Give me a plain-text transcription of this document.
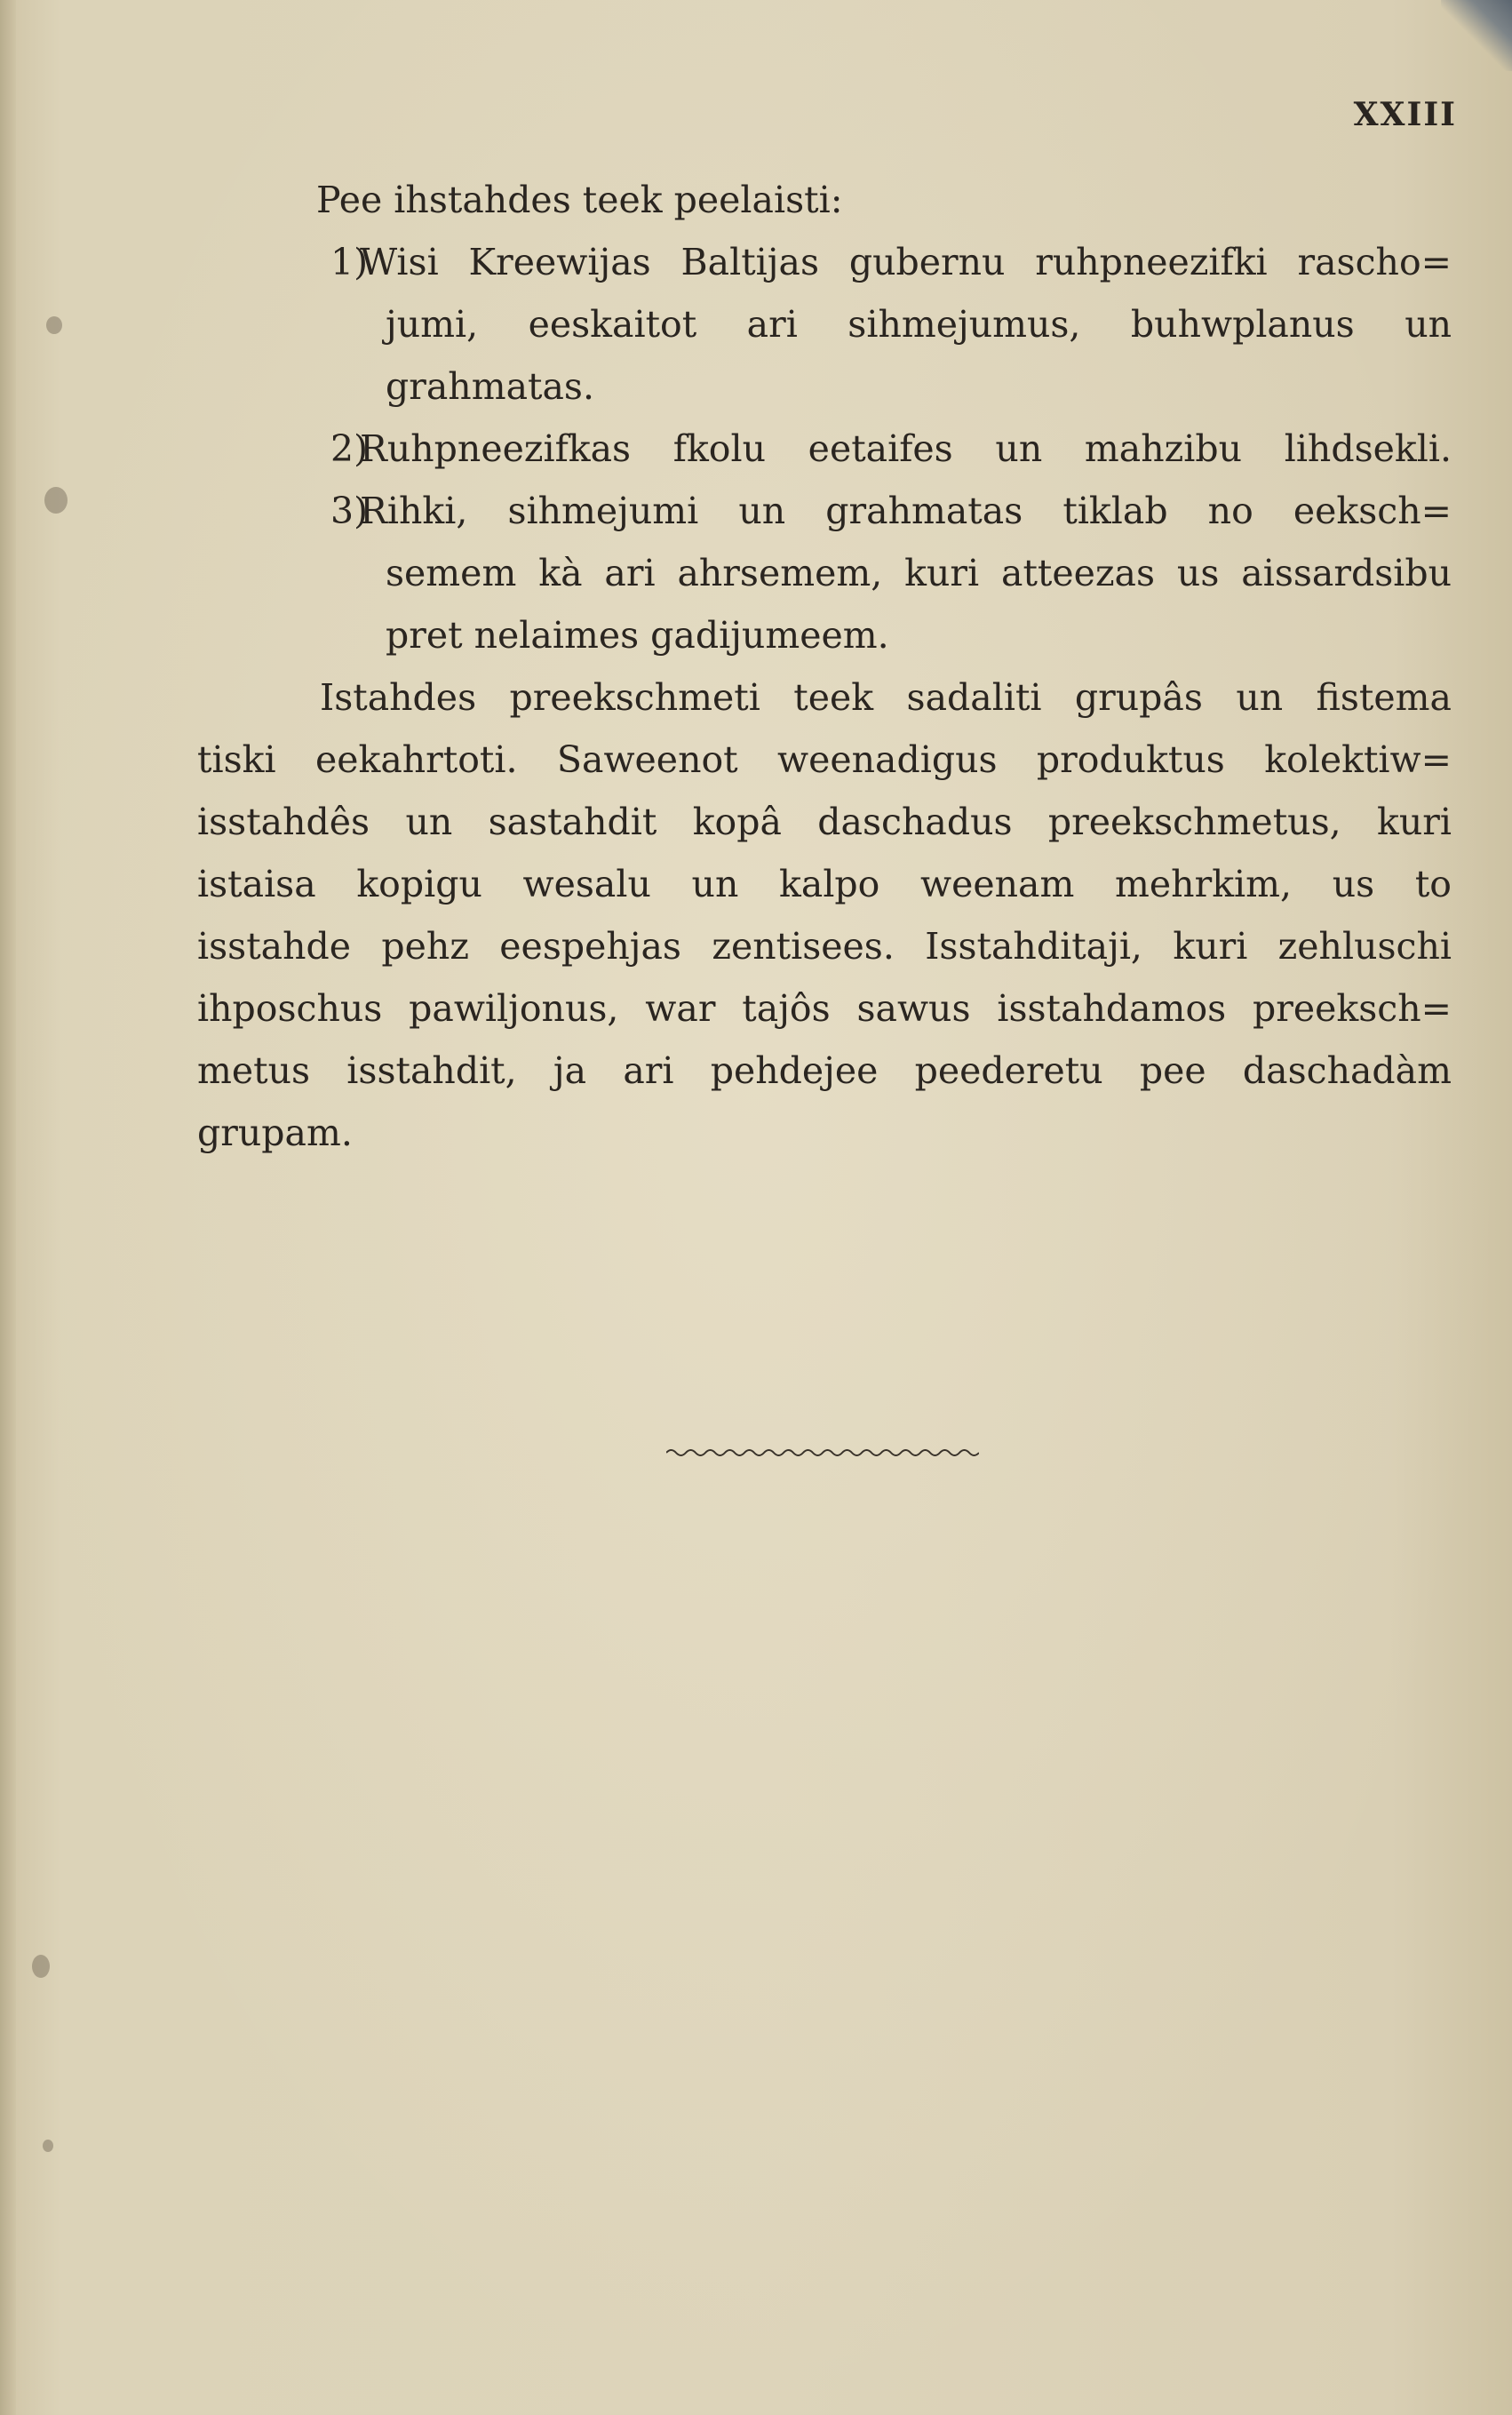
XXIII
Pee ihstahdes teek peelaisti:
1)
Wisi Kreewijas Baltijas gubernu ruhpneezifki rascho=
jumi, eeskaitot ari sihmejumus, buhwplanus un
grahmatas.
2)
Ruhpneezifkas fkolu eetaifes un mahzibu lihdsekli.
3)
Rihki, sihmejumi un grahmatas tiklab no eeksch=
semem kà ari ahrsemem, kuri atteezas us aissardsibu
pret nelaimes gadijumeem.
Istahdes preekschmeti teek sadaliti grupâs un fistema
tiski eekahrtoti. Saweenot weenadigus produktus kolektiw=
isstahdês un sastahdit kopâ daschadus preekschmetus, kuri
istaisa kopigu wesalu un kalpo weenam mehrkim, us to
isstahde pehz eespehjas zentisees. Isstahditaji, kuri zehluschi
ihposchus pawiljonus, war tajôs sawus isstahdamos preeksch=
metus isstahdit, ja ari pehdejee peederetu pee daschadàm
grupam.
